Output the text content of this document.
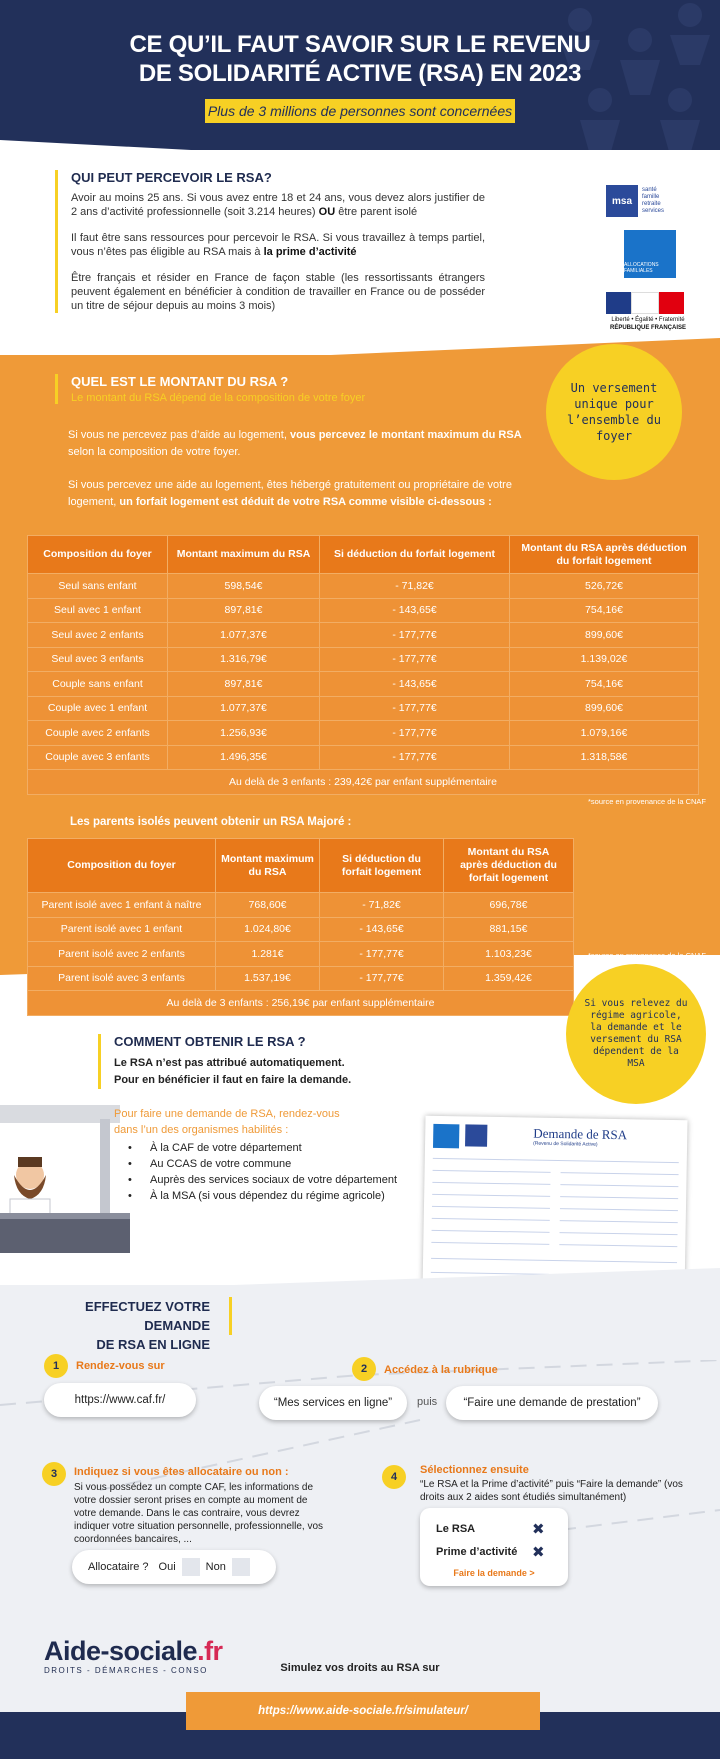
CE QU’IL FAUT SAVOIR SUR LE REVENU
DE SOLIDARITÉ ACTIVE (RSA) EN 2023
Plus de 3 millions de personnes sont concernées
QUI PEUT PERCEVOIR LE RSA?

Avoir au moins 25 ans. Si vous avez entre 18 et 24 ans, vous devez alors justifier de 2 ans d’activité professionnelle (soit 3.214 heures) OU être parent isolé

Il faut être sans ressources pour percevoir le RSA. Si vous travaillez à temps partiel, vous n’êtes pas éligible au RSA mais à la prime d’activité

Être français et résider en France de façon stable (les ressortissants étrangers peuvent également en bénéficier à condition de travailler en France ou de posséder un titre de séjour depuis au moins 3 mois)

msa
santé
famille
retraite
services
ALLOCATIONS FAMILIALES
Liberté • Égalité • Fraternité
RÉPUBLIQUE FRANÇAISE
QUEL EST LE MONTANT DU RSA ?
Le montant du RSA dépend de la composition de votre foyer
Un versement unique pour l’ensemble du foyer

Si vous ne percevez pas d’aide au logement, vous percevez le montant maximum du RSA selon la composition de votre foyer.

Si vous percevez une aide au logement, êtes hébergé gratuitement ou propriétaire de votre logement, un forfait logement est déduit de votre RSA comme visible ci-dessous :

Composition du foyer	Montant maximum du RSA	Si déduction du forfait logement	Montant du RSA après déduction du forfait logement
Seul sans enfant	598,54€	- 71,82€	526,72€
Seul avec 1 enfant	897,81€	- 143,65€	754,16€
Seul avec 2 enfants	1.077,37€	- 177,77€	899,60€
Seul avec 3 enfants	1.316,79€	- 177,77€	1.139,02€
Couple sans enfant	897,81€	- 143,65€	754,16€
Couple avec 1 enfant	1.077,37€	- 177,77€	899,60€
Couple avec 2 enfants	1.256,93€	- 177,77€	1.079,16€
Couple avec 3 enfants	1.496,35€	- 177,77€	1.318,58€
Au delà de 3 enfants : 239,42€ par enfant supplémentaire			
*source en provenance de la CNAF
Les parents isolés peuvent obtenir un RSA Majoré :
Composition du foyer	Montant maximum du RSA	Si déduction du forfait logement	Montant du RSA après déduction du forfait logement
Parent isolé avec 1 enfant à naître	768,60€	- 71,82€	696,78€
Parent isolé avec 1 enfant	1.024,80€	- 143,65€	881,15€
Parent isolé avec 2 enfants	1.281€	- 177,77€	1.103,23€
Parent isolé avec 3 enfants	1.537,19€	- 177,77€	1.359,42€
Au delà de 3 enfants : 256,19€ par enfant supplémentaire			
*source en provenance de la CNAF
Si vous relevez du régime agricole, la demande et le versement du RSA dépendent de la MSA
COMMENT OBTENIR LE RSA ?
Le RSA n’est pas attribué automatiquement.
Pour en bénéficier il faut en faire la demande.
Pour faire une demande de RSA, rendez-vous
dans l’un des organismes habilités :
• À la CAF de votre département
• Au CCAS de votre commune
• Auprès des services sociaux de votre département
• À la MSA (si vous dépendez du régime agricole)
Demande de RSA
(Revenu de Solidarité Active)
EFFECTUEZ VOTRE DEMANDE
DE RSA EN LIGNE
1	Rendez-vous sur
https://www.caf.fr/
2	Accédez à la rubrique
“Mes services en ligne”	puis	“Faire une demande de prestation”
3	Indiquez si vous êtes allocataire ou non :
Si vous possédez un compte CAF, les informations de votre dossier seront prises en compte au moment de votre demande. Dans le cas contraire, vous devrez indiquer votre situation personnelle, professionnelle, vos coordonnées bancaires, ...
Allocataire ? Oui	Non
4
Sélectionnez ensuite
“Le RSA et la Prime d’activité” puis “Faire la demande” (vos droits aux 2 aides sont étudiés simultanément)
Le RSA	✖
Prime d’activité ✖
Faire la demande >
Aide-sociale.fr
DROITS - DÉMARCHES - CONSO	Simulez vos droits au RSA sur
https://www.aide-sociale.fr/simulateur/
